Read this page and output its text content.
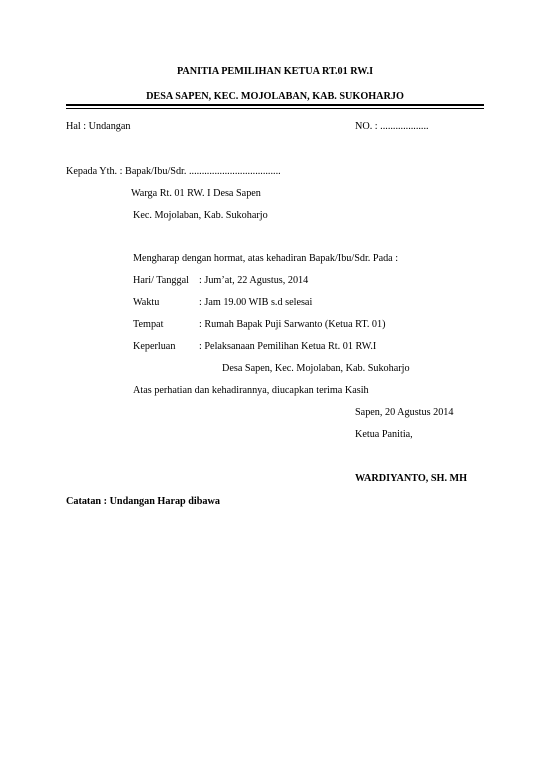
PANITIA PEMILIHAN KETUA RT.01 RW.I
DESA SAPEN, KEC. MOJOLABAN, KAB. SUKOHARJO
Hal : Undangan	NO. : ...................
Kepada Yth. : Bapak/Ibu/Sdr. ....................................
Warga Rt. 01 RW. I Desa Sapen
Kec. Mojolaban, Kab. Sukoharjo
Mengharap dengan hormat, atas kehadiran Bapak/Ibu/Sdr. Pada :
Hari/ Tanggal : Jum’at, 22 Agustus, 2014
Waktu	: Jam 19.00 WIB s.d selesai
Tempat	: Rumah Bapak Puji Sarwanto (Ketua RT. 01)
Keperluan : Pelaksanaan Pemilihan Ketua Rt. 01 RW.I
Desa Sapen, Kec. Mojolaban, Kab. Sukoharjo
Atas perhatian dan kehadirannya, diucapkan terima Kasih
Sapen, 20 Agustus 2014
Ketua Panitia,
WARDIYANTO, SH. MH
Catatan : Undangan Harap dibawa
